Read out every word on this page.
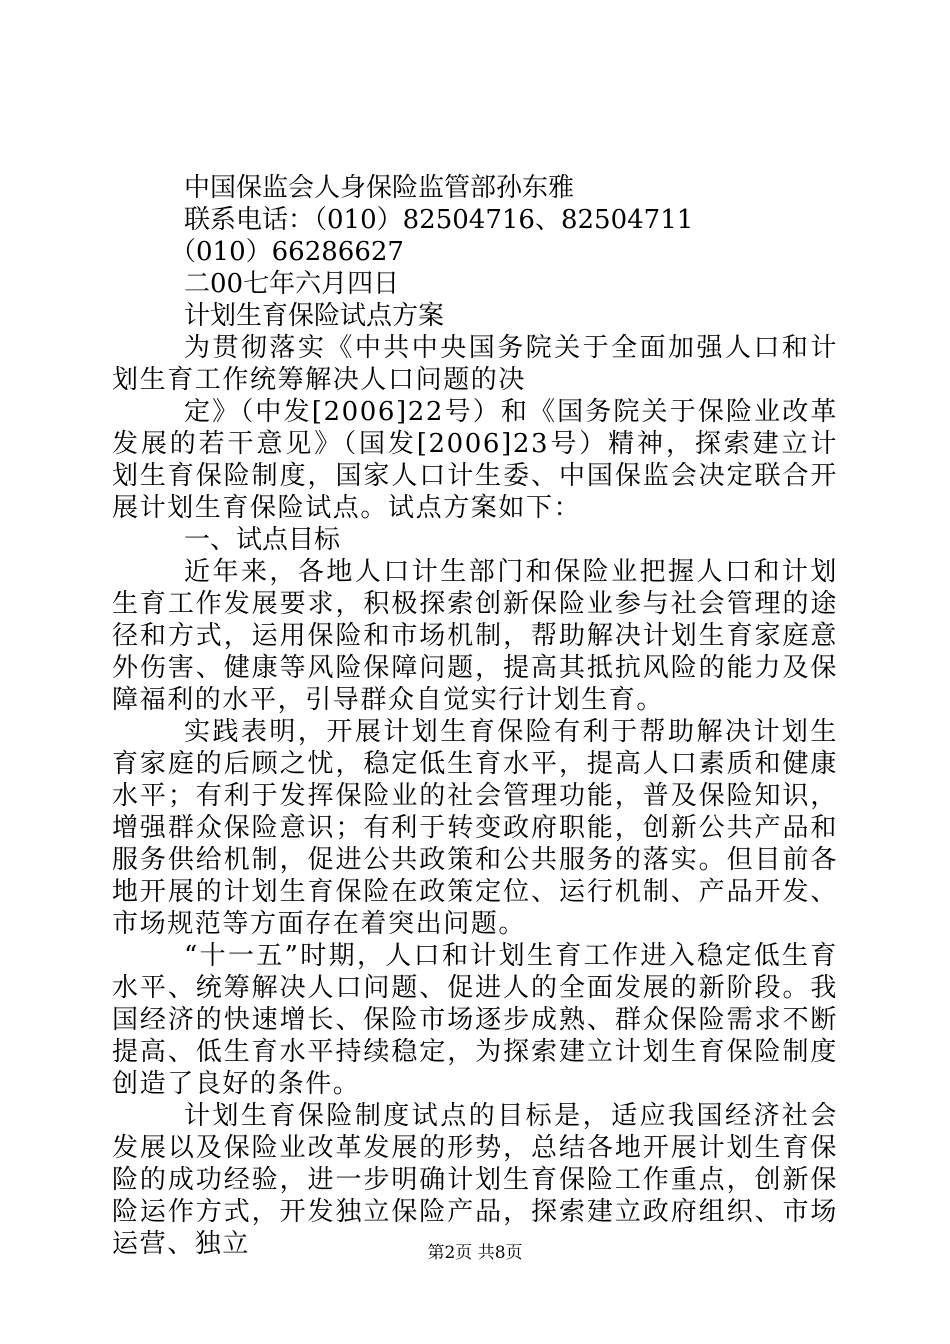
中国保监会人身保险监管部孙东雅

联系电话：（010）82504716、82504711

（010）66286627

二00七年六月四日

计划生育保险试点方案

为贯彻落实《中共中央国务院关于全面加强人口和计划生育工作统筹解决人口问题的决

定》（中发[2006]22号）和《国务院关于保险业改革发展的若干意见》（国发[2006]23号）精神，探索建立计划生育保险制度，国家人口计生委、中国保监会决定联合开展计划生育保险试点。试点方案如下：

一、试点目标

近年来，各地人口计生部门和保险业把握人口和计划生育工作发展要求，积极探索创新保险业参与社会管理的途径和方式，运用保险和市场机制，帮助解决计划生育家庭意外伤害、健康等风险保障问题，提高其抵抗风险的能力及保障福利的水平，引导群众自觉实行计划生育。

实践表明，开展计划生育保险有利于帮助解决计划生育家庭的后顾之忧，稳定低生育水平，提高人口素质和健康水平；有利于发挥保险业的社会管理功能，普及保险知识，增强群众保险意识；有利于转变政府职能，创新公共产品和服务供给机制，促进公共政策和公共服务的落实。但目前各地开展的计划生育保险在政策定位、运行机制、产品开发、市场规范等方面存在着突出问题。

“十一五”时期，人口和计划生育工作进入稳定低生育水平、统筹解决人口问题、促进人的全面发展的新阶段。我国经济的快速增长、保险市场逐步成熟、群众保险需求不断提高、低生育水平持续稳定，为探索建立计划生育保险制度创造了良好的条件。

计划生育保险制度试点的目标是，适应我国经济社会发展以及保险业改革发展的形势，总结各地开展计划生育保险的成功经验，进一步明确计划生育保险工作重点，创新保险运作方式，开发独立保险产品，探索建立政府组织、市场运营、独立	第2页 共8页
